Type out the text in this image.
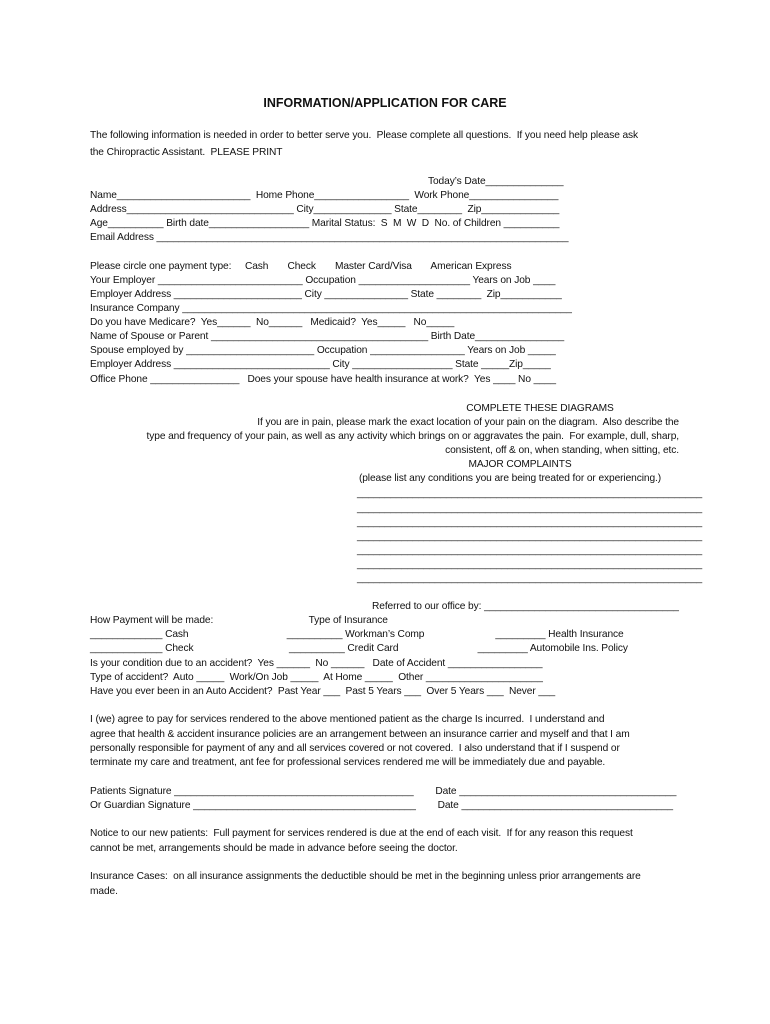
INFORMATION/APPLICATION FOR CARE
The following information is needed in order to better serve you.  Please complete all questions.  If you need help please ask
the Chiropractic Assistant.  PLEASE PRINT
Today’s Date______________
Name________________________  Home Phone_________________  Work Phone________________
Address______________________________ City______________ State________  Zip______________
Age__________ Birth date__________________ Marital Status:  S  M  W  D  No. of Children __________
Email Address __________________________________________________________________________
Please circle one payment type:     Cash       Check       Master Card/Visa       American Express
Your Employer __________________________ Occupation ____________________ Years on Job ____
Employer Address _______________________ City _______________ State ________  Zip___________
Insurance Company ______________________________________________________________________
Do you have Medicare?  Yes______  No______   Medicaid?  Yes_____   No_____
Name of Spouse or Parent _______________________________________ Birth Date________________
Spouse employed by _______________________ Occupation _________________ Years on Job _____
Employer Address ____________________________ City __________________ State _____Zip_____
Office Phone ________________   Does your spouse have health insurance at work?  Yes ____ No ____
COMPLETE THESE DIAGRAMS
If you are in pain, please mark the exact location of your pain on the diagram.  Also describe the
type and frequency of your pain, as well as any activity which brings on or aggravates the pain.  For example, dull, sharp,
consistent, off & on, when standing, when sitting, etc.
MAJOR COMPLAINTS
(please list any conditions you are being treated for or experiencing.)
______________________________________________________________
______________________________________________________________
______________________________________________________________
______________________________________________________________
______________________________________________________________
______________________________________________________________
______________________________________________________________
Referred to our office by: ___________________________________
How Payment will be made:                                   Type of Insurance
_____________ Cash                                    __________ Workman’s Comp                          _________ Health Insurance
_____________ Check                                   __________ Credit Card                             _________ Automobile Ins. Policy
Is your condition due to an accident?  Yes ______  No ______   Date of Accident _________________
Type of accident?  Auto _____  Work/On Job _____  At Home _____  Other _____________________
Have you ever been in an Auto Accident?  Past Year ___  Past 5 Years ___  Over 5 Years ___  Never ___
I (we) agree to pay for services rendered to the above mentioned patient as the charge Is incurred.  I understand and
agree that health & accident insurance policies are an arrangement between an insurance carrier and myself and that I am
personally responsible for payment of any and all services covered or not covered.  I also understand that if I suspend or
terminate my care and treatment, ant fee for professional services rendered me will be immediately due and payable.
Patients Signature ___________________________________________        Date _______________________________________
Or Guardian Signature ________________________________________        Date ______________________________________
Notice to our new patients:  Full payment for services rendered is due at the end of each visit.  If for any reason this request
cannot be met, arrangements should be made in advance before seeing the doctor.
Insurance Cases:  on all insurance assignments the deductible should be met in the beginning unless prior arrangements are
made.
